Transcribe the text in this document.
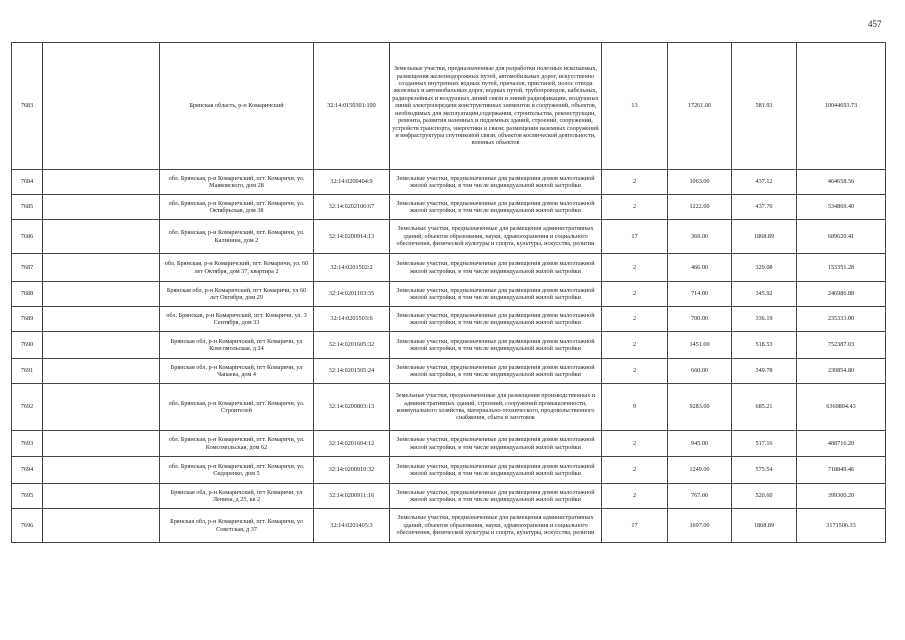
457
7683		Брянская область, р-н Комаричский	32:14:0150301:190	Земельные участки, предназначенные для разработки полезных ископаемых, размещения железнодорожных путей, автомобильных дорог, искусственно созданных внутренних водных путей, причалов, пристаней, полос отвода железных и автомобильных дорог, водных путей, трубопроводов, кабельных, радиорелейных и воздушных линий связи и линий радиофикации, воздушных линий электропередачи конструктивных элементов и сооружений, объектов, необходимых для эксплуатации,содержания, строительства, реконструкции, ремонта, развития наземных и подземных зданий, строений, сооружений, устройств транспорта, энергетики и связи; размещения наземных сооружений и инфраструктуры спутниковой связи, объектов космической деятельности, военных объектов	13	17261.00	581.93	10044693.73
7684		обл. Брянская, р-н Комаричский, пгт. Комаричи, ул. Маяковского, дом 28	32:14:0200404:9	Земельные участки, предназначенные для размещения домов малоэтажной жилой застройки, в том числе индивидуальной жилой застройки	2	1063.00	437.12	464658.56
7685		обл. Брянская, р-н Комаричский, пгт. Комаричи, ул. Октябрьская, дом 38	32:14:0202106:67	Земельные участки, предназначенные для размещения домов малоэтажной жилой застройки, в том числе индивидуальной жилой застройки	2	1222.00	437.70	534869.40
7686		обл. Брянская, р-н Комаричский, пгт. Комаричи, ул. Калинина, дом 2	32:14:0200914:13	Земельные участки, предназначенные для размещения административных зданий, объектов образования, науки, здравоохранения и социального обеспечения, физической культуры и спорта, культуры, искусства, религии	17	369.00	1868.89	689620.41
7687		обл. Брянская, р-н Комаричский, пгт. Комаричи, ул. 60 лет Октября, дом 37, квартира 2	32:14:0201502:2	Земельные участки, предназначенные для размещения домов малоэтажной жилой застройки, в том числе индивидуальной жилой застройки	2	466.00	329.08	153351.28
7688		Брянская обл, р-н Комаричский, пгт Комаричи, ул 60 лет Октября, дом 29	32:14:0201103:35	Земельные участки, предназначенные для размещения домов малоэтажной жилой застройки, в том числе индивидуальной жилой застройки	2	714.00	345.92	246986.88
7689		обл. Брянская, р-н Комаричский, пгт. Комаричи, ул. 3 Сентября, дом 33	32:14:0201503:6	Земельные участки, предназначенные для размещения домов малоэтажной жилой застройки, в том числе индивидуальной жилой застройки	2	700.00	336.19	235333.00
7690		Брянская обл, р-н Комаричский, пгт Комаричи, ул Комсомольская, д 24	32:14:0201605:32	Земельные участки, предназначенные для размещения домов малоэтажной жилой застройки, в том числе индивидуальной жилой застройки	2	1451.00	518.53	752387.03
7691		Брянская обл, р-н Комаричский, пгт Комаричи, ул Чапаева, дом 4	32:14:0201505:24	Земельные участки, предназначенные для размещения домов малоэтажной жилой застройки, в том числе индивидуальной жилой застройки	2	660.00	349.78	230854.80
7692		обл. Брянская, р-н Комаричский, пгт. Комаричи, ул. Строителей	32:14:0200803:13	Земельные участки, предназначенные для размещения производственных и административных зданий, строений, сооружений промышленности, коммунального хозяйства, материально-технического, продовольственного снабжения, сбыта и заготовок	9	9283.00	685.21	6360804.43
7693		обл. Брянская, р-н Комаричский, пгт. Комаричи, ул. Комсомольская, дом 62	32:14:0201604:12	Земельные участки, предназначенные для размещения домов малоэтажной жилой застройки, в том числе индивидуальной жилой застройки	2	945.00	517.16	488716.20
7694		обл. Брянская, р-н Комаричский, пгт. Комаричи, ул. Сидоренко, дом 5	32:14:0200910:32	Земельные участки, предназначенные для размещения домов малоэтажной жилой застройки, в том числе индивидуальной жилой застройки	2	1249.00	575.54	718849.46
7695		Брянская обл, р-н Комаричский, пгт Комаричи, ул Ленина, д 25, кв 2	32:14:0200911:16	Земельные участки, предназначенные для размещения домов малоэтажной жилой застройки, в том числе индивидуальной жилой застройки	2	767.00	520.60	399300.20
7696		Брянская обл, р-н Комаричский, пгт. Комаричи, ул Советская, д 37	32:14:0201405:3	Земельные участки, предназначенные для размещения административных зданий, объектов образования, науки, здравоохранения и социального обеспечения, физической культуры и спорта, культуры, искусства, религии	17	1697.00	1868.89	3171506.33
